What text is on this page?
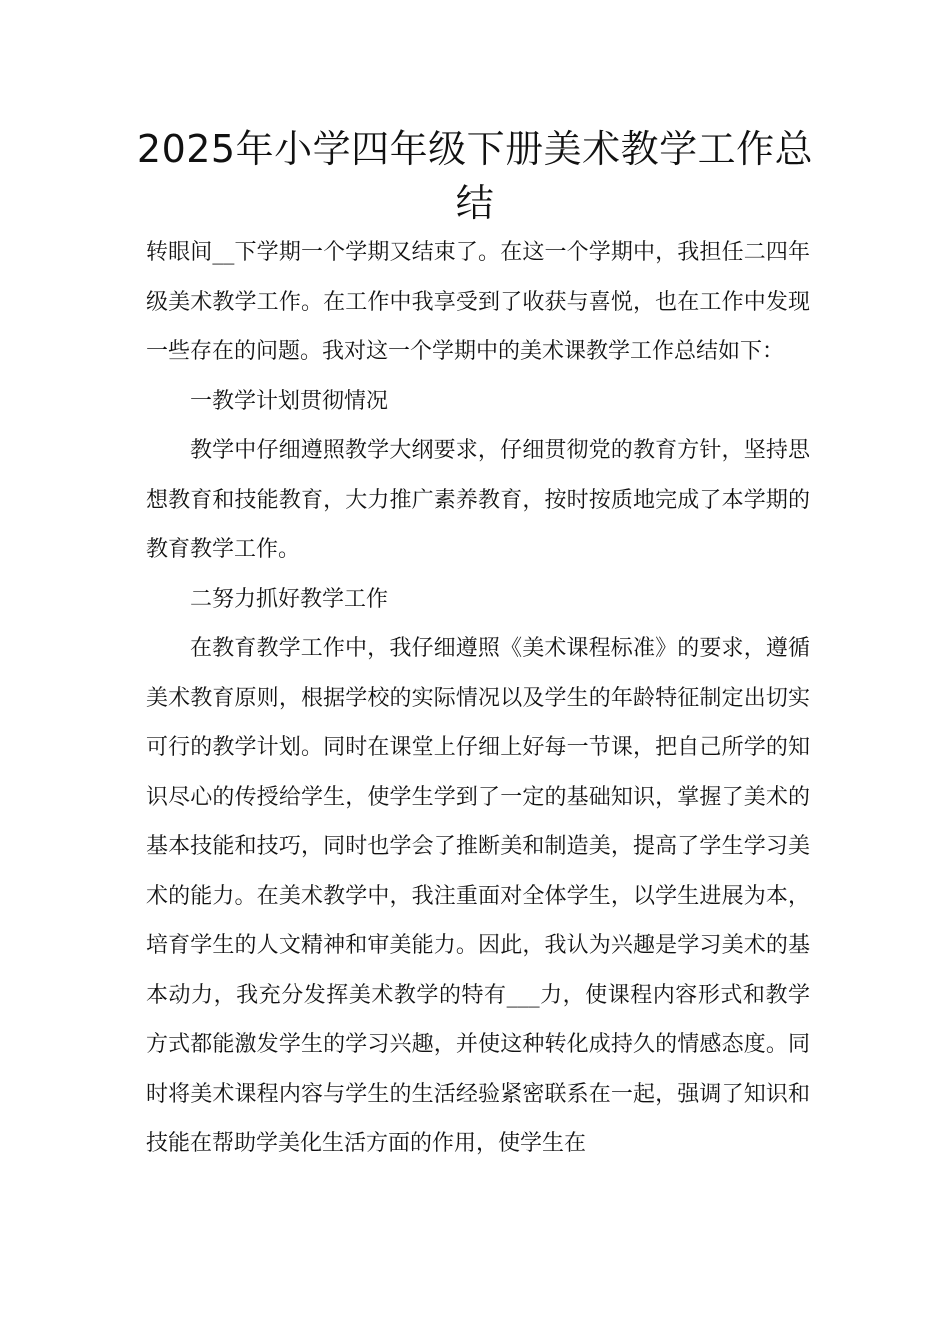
2025年小学四年级下册美术教学工作总结

转眼间__下学期一个学期又结束了。在这一个学期中，我担任二四年级美术教学工作。在工作中我享受到了收获与喜悦，也在工作中发现一些存在的问题。我对这一个学期中的美术课教学工作总结如下：

一教学计划贯彻情况

教学中仔细遵照教学大纲要求，仔细贯彻党的教育方针，坚持思想教育和技能教育，大力推广素养教育，按时按质地完成了本学期的教育教学工作。

二努力抓好教学工作

在教育教学工作中，我仔细遵照《美术课程标准》的要求，遵循美术教育原则，根据学校的实际情况以及学生的年龄特征制定出切实可行的教学计划。同时在课堂上仔细上好每一节课，把自己所学的知识尽心的传授给学生，使学生学到了一定的基础知识，掌握了美术的基本技能和技巧，同时也学会了推断美和制造美，提高了学生学习美术的能力。在美术教学中，我注重面对全体学生，以学生进展为本，培育学生的人文精神和审美能力。因此，我认为兴趣是学习美术的基本动力，我充分发挥美术教学的特有___力，使课程内容形式和教学方式都能激发学生的学习兴趣，并使这种转化成持久的情感态度。同时将美术课程内容与学生的生活经验紧密联系在一起，强调了知识和技能在帮助学美化生活方面的作用，使学生在
